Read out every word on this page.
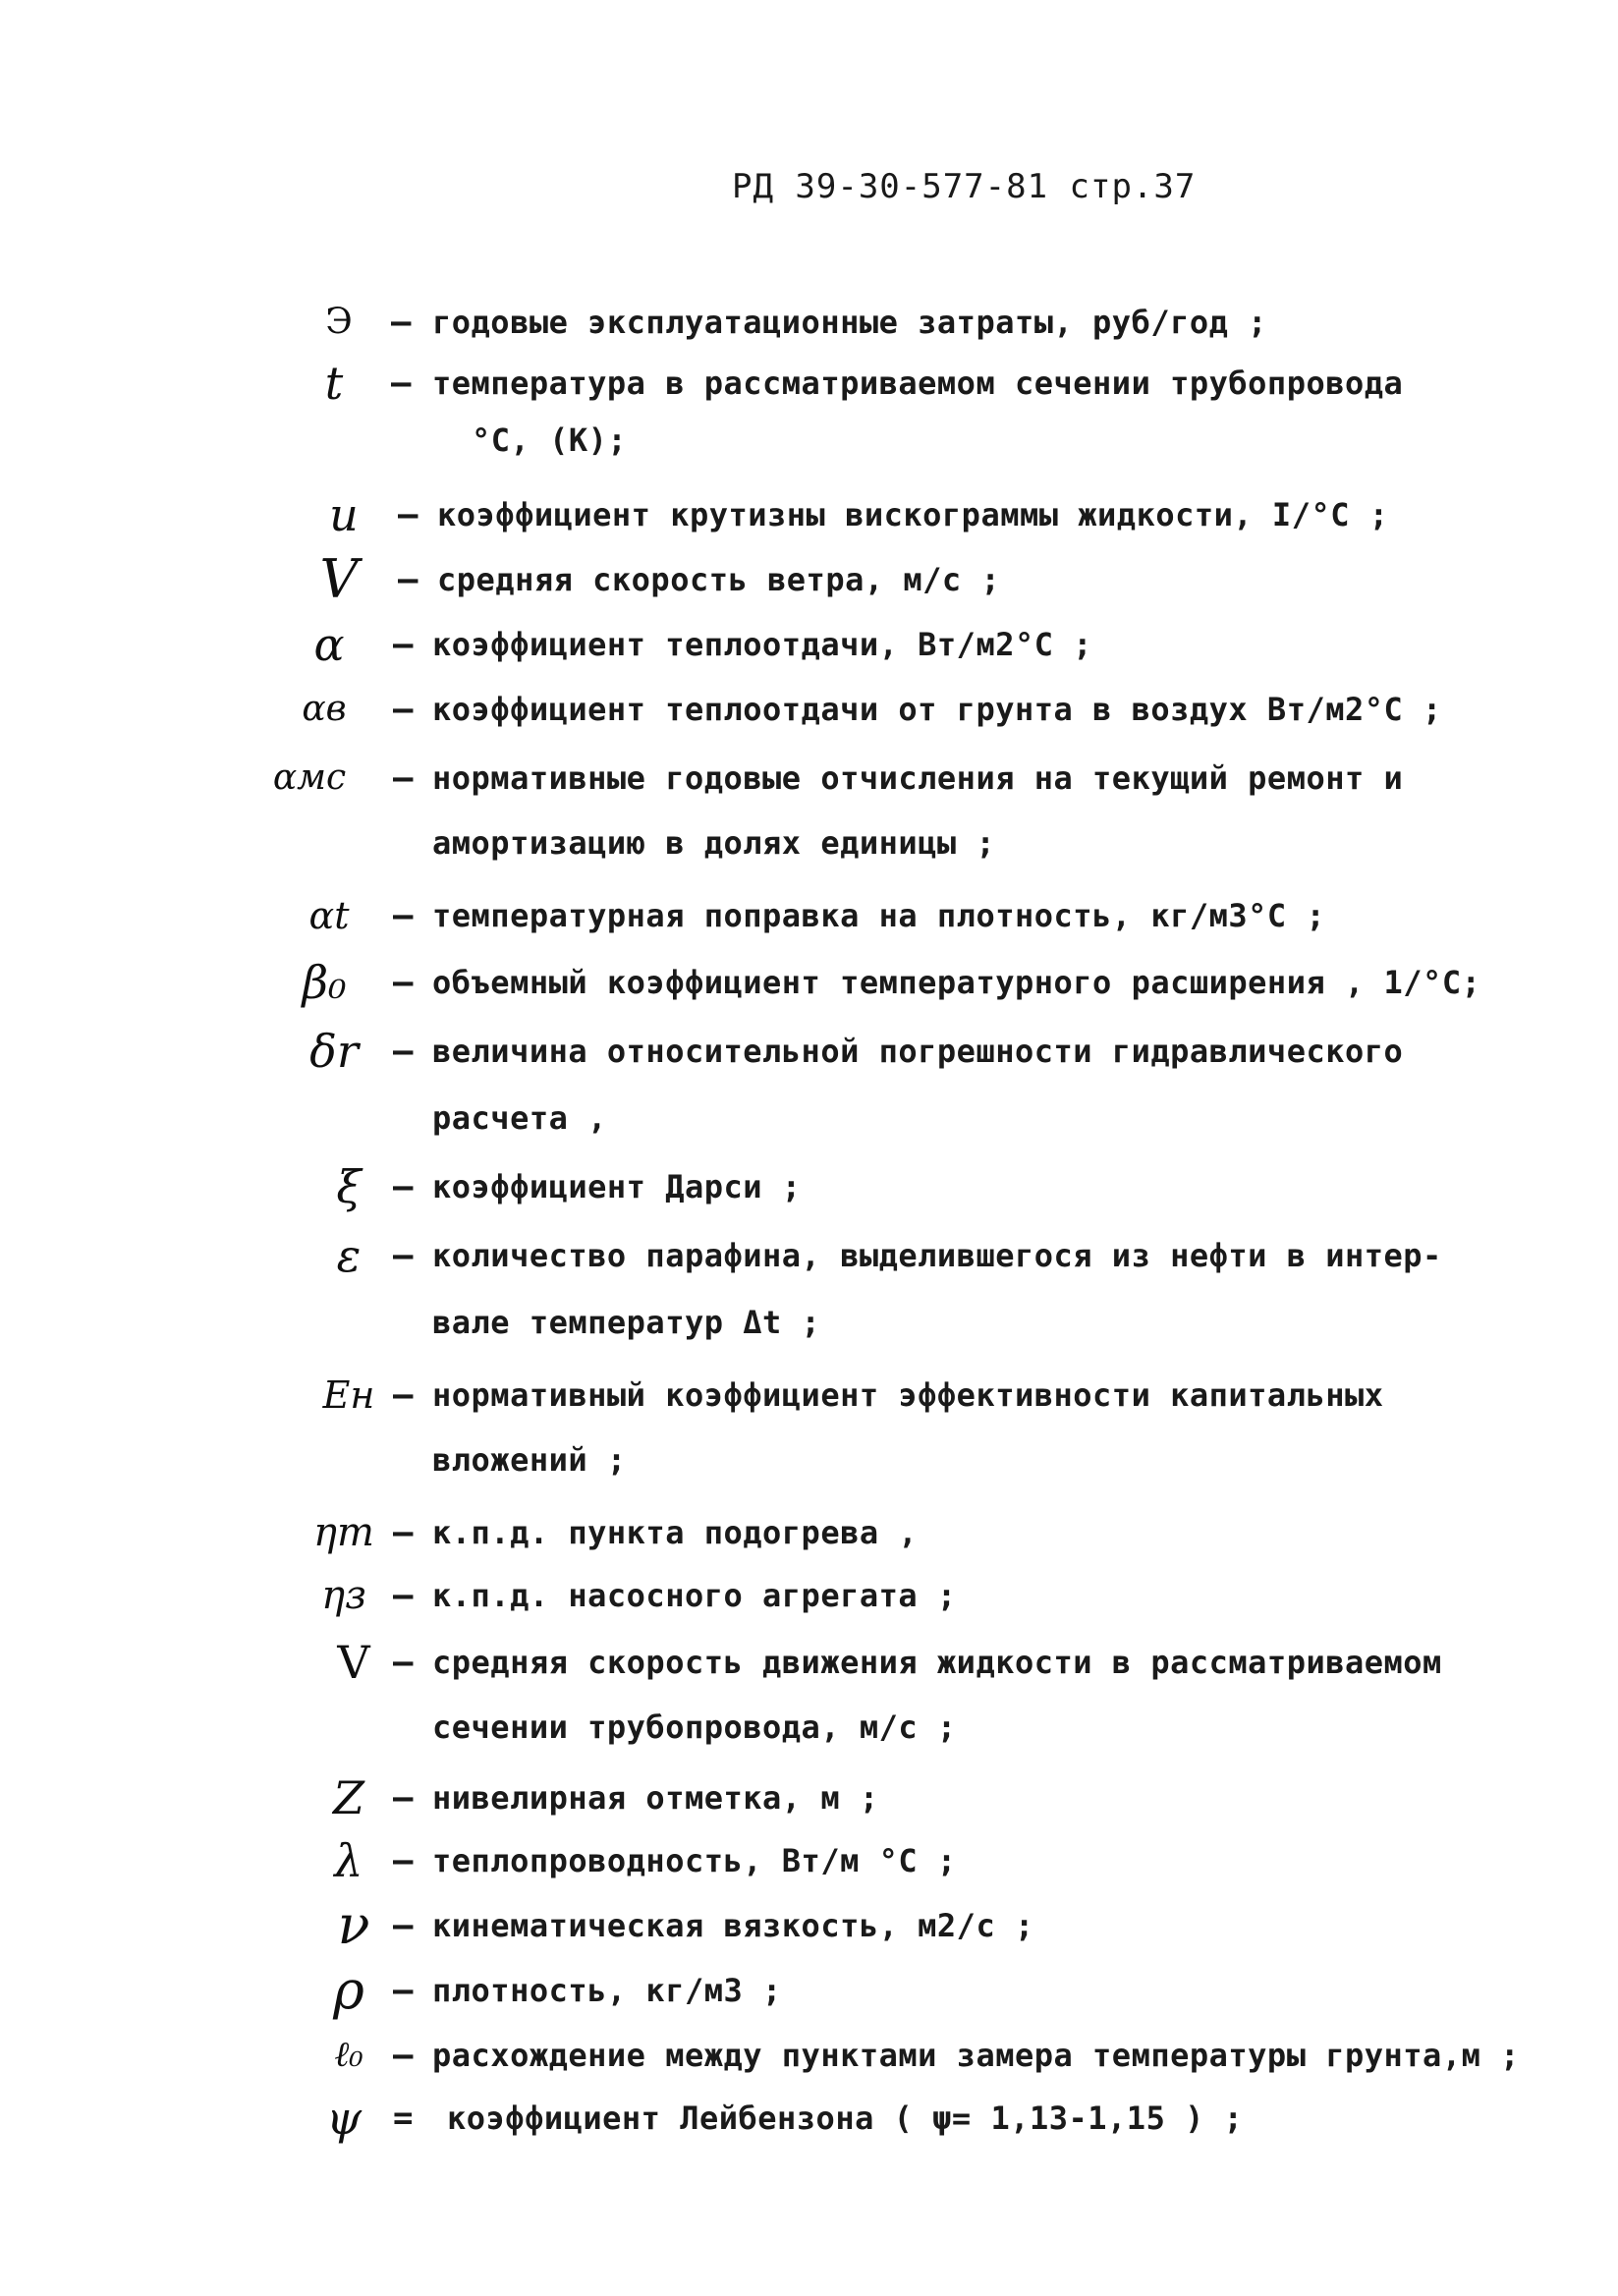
РД 39-30-577-81 стр.37
Э	– годовые эксплуатационные затраты, руб/год ;
t	– температура в рассматриваемом сечении трубопровода
°С, (К);
u	– коэффициент крутизны вискограммы жидкости, I/°С ;
V	– средняя скорость ветра, м/с ;
α	– коэффициент теплоотдачи, Вт/м2°С ;
αв	– коэффициент теплоотдачи от грунта в воздух Вт/м2°С ;
αмс	– нормативные годовые отчисления на текущий ремонт и
амортизацию в долях единицы ;
αt	– температурная поправка на плотность, кг/м3°С ;
β₀	– объемный коэффициент температурного расширения , 1/°С;
δr	– величина относительной погрешности гидравлического
расчета ,
ξ – коэффициент Дарси ;
ε – количество парафина, выделившегося из нефти в интер-
вале температур Δt ;
Eн – нормативный коэффициент эффективности капитальных
вложений ;
ηт – к.п.д. пункта подогрева ,
ηз – к.п.д. насосного агрегата ;
V – средняя скорость движения жидкости в рассматриваемом
сечении трубопровода, м/с ;
Z – нивелирная отметка, м ;
λ – теплопроводность, Вт/м °С ;
ν – кинематическая вязкость, м2/с ;
ρ – плотность, кг/м3 ;
ℓ₀ – расхождение между пунктами замера температуры грунта,м ;
ψ = коэффициент Лейбензона ( ψ= 1,13-1,15 ) ;
